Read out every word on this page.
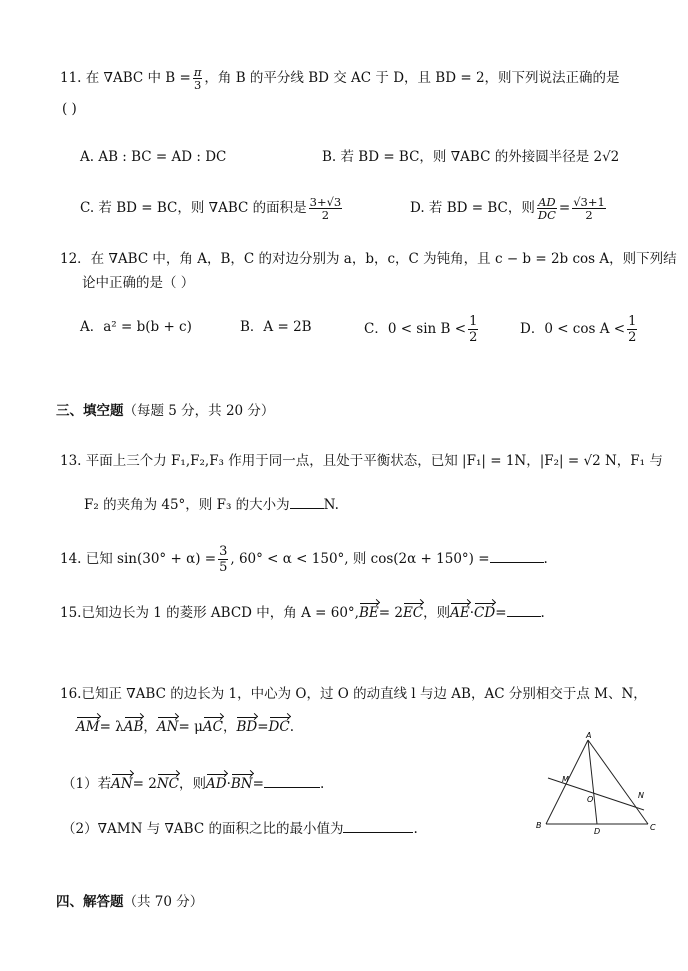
11. 在 ∇ABC 中 $B = \frac{\pi}{3}$ ，角 B 的平分线 BD 交 AC 于 D，且 BD = 2，则下列说法正确的是
( )
A. AB : BC = AD : DC	B. 若 BD = BC，则 ∇ABC 的外接圆半径是 2√2
C. 若 BD = BC，则 ∇ABC 的面积是 $\frac{3+√3}{2}$	D. 若 BD = BC，则 $\frac{AD}{DC} = \frac{√3+1}{2}$
12．在 ∇ABC 中，角 A，B，C 的对边分别为 a，b，c，C 为钝角，且 c − b = 2b cos A，则下列结
论中正确的是（ ）
A．a² = b(b + c)	B．A = 2B	C．$0 < \sin B < \frac{1}{2}$	D．$0 < \cos A < \frac{1}{2}$
三、填空题（每题 5 分，共 20 分）
13. 平面上三个力 F₁,F₂,F₃ 作用于同一点，且处于平衡状态，已知 |F₁| = 1N，|F₂| = √2 N，F₁ 与
F₂ 的夹角为 45°，则 F₃ 的大小为	N.
14. 已知 $\sin(30^\circ + \alpha) = \frac{3}{5}$ , 60° < α < 150°, 则 cos(2α + 150°) =	.
15.已知边长为 1 的菱形 ABCD 中，角 A = 60°,BE= 2EC，则AE·CD=	.
16.已知正 ∇ABC 的边长为 1，中心为 O，过 O 的动直线 l 与边 AB，AC 分别相交于点 M、N，
AM= λAB，AN= μAC，BD=DC.
（1）若AN= 2NC，则AD·BN=	.
（2）∇AMN 与 ∇ABC 的面积之比的最小值为	.
A
B	C
D
M
N
O
四、解答题（共 70 分）
